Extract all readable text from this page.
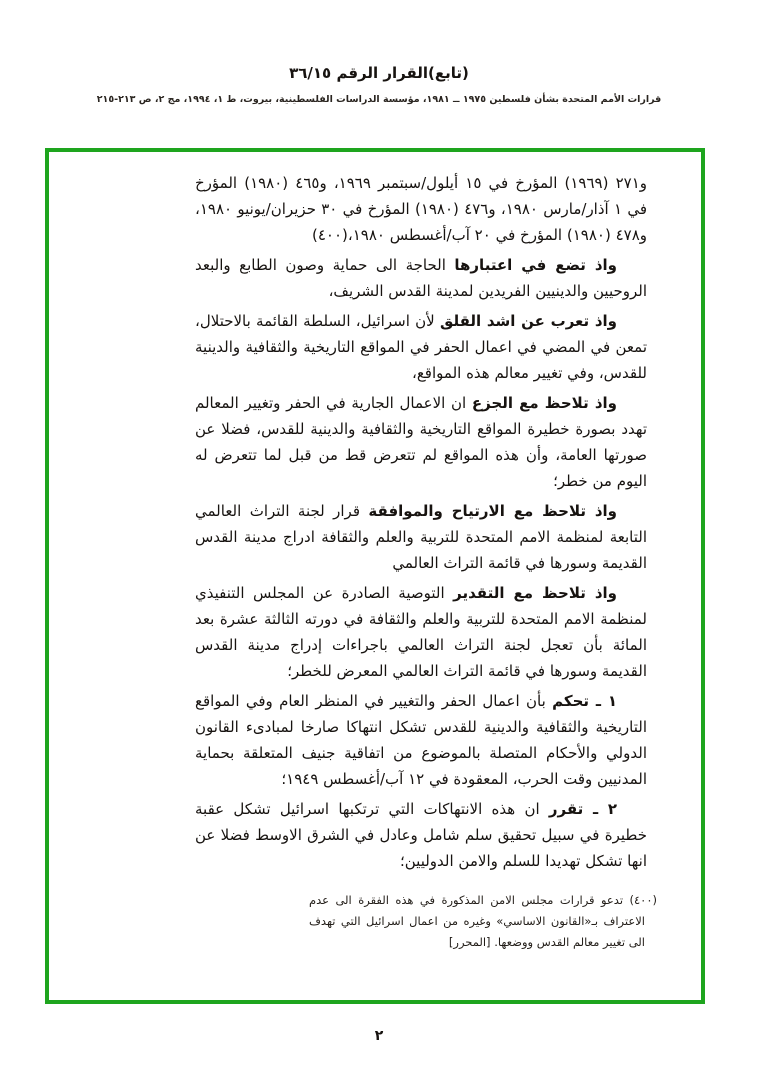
(تابع)القرار الرقم ٣٦/١٥
قرارات الأمم المتحدة بشأن فلسطين ١٩٧٥ ــ ١٩٨١، مؤسسة الدراسات الفلسطينية، بيروت، ط ١، ١٩٩٤، مج ٢، ص ٢١٣-٢١٥

و٢٧١ (١٩٦٩) المؤرخ في ١٥ أيلول/سبتمبر ١٩٦٩، و٤٦٥ (١٩٨٠) المؤرخ في ١ آذار/مارس ١٩٨٠، و٤٧٦ (١٩٨٠) المؤرخ في ٣٠ حزيران/يونيو ١٩٨٠، و٤٧٨ (١٩٨٠) المؤرخ في ٢٠ آب/أغسطس ١٩٨٠،(٤٠٠)

واذ تضع في اعتبارها الحاجة الى حماية وصون الطابع والبعد الروحيين والدينيين الفريدين لمدينة القدس الشريف،

واذ تعرب عن اشد القلق لأن اسرائيل، السلطة القائمة بالاحتلال، تمعن في المضي في اعمال الحفر في المواقع التاريخية والثقافية والدينية للقدس، وفي تغيير معالم هذه المواقع،

واذ تلاحظ مع الجزع ان الاعمال الجارية في الحفر وتغيير المعالم تهدد بصورة خطيرة المواقع التاريخية والثقافية والدينية للقدس، فضلا عن صورتها العامة، وأن هذه المواقع لم تتعرض قط من قبل لما تتعرض له اليوم من خطر؛

واذ تلاحظ مع الارتياح والموافقة قرار لجنة التراث العالمي التابعة لمنظمة الامم المتحدة للتربية والعلم والثقافة ادراج مدينة القدس القديمة وسورها في قائمة التراث العالمي

واذ تلاحظ مع التقدير التوصية الصادرة عن المجلس التنفيذي لمنظمة الامم المتحدة للتربية والعلم والثقافة في دورته الثالثة عشرة بعد المائة بأن تعجل لجنة التراث العالمي باجراءات إدراج مدينة القدس القديمة وسورها في قائمة التراث العالمي المعرض للخطر؛

١ ـ تحكم بأن اعمال الحفر والتغيير في المنظر العام وفي المواقع التاريخية والثقافية والدينية للقدس تشكل انتهاكا صارخا لمبادىء القانون الدولي والأحكام المتصلة بالموضوع من اتفاقية جنيف المتعلقة بحماية المدنيين وقت الحرب، المعقودة في ١٢ آب/أغسطس ١٩٤٩؛

٢ ـ تقرر ان هذه الانتهاكات التي ترتكبها اسرائيل تشكل عقبة خطيرة في سبيل تحقيق سلم شامل وعادل في الشرق الاوسط فضلا عن انها تشكل تهديدا للسلم والامن الدوليين؛

(٤٠٠) تدعو قرارات مجلس الامن المذكورة في هذه الفقرة الى عدم الاعتراف بـ«القانون الاساسي» وغيره من اعمال اسرائيل التي تهدف الى تغيير معالم القدس ووضعها. [المحرر]
٢
